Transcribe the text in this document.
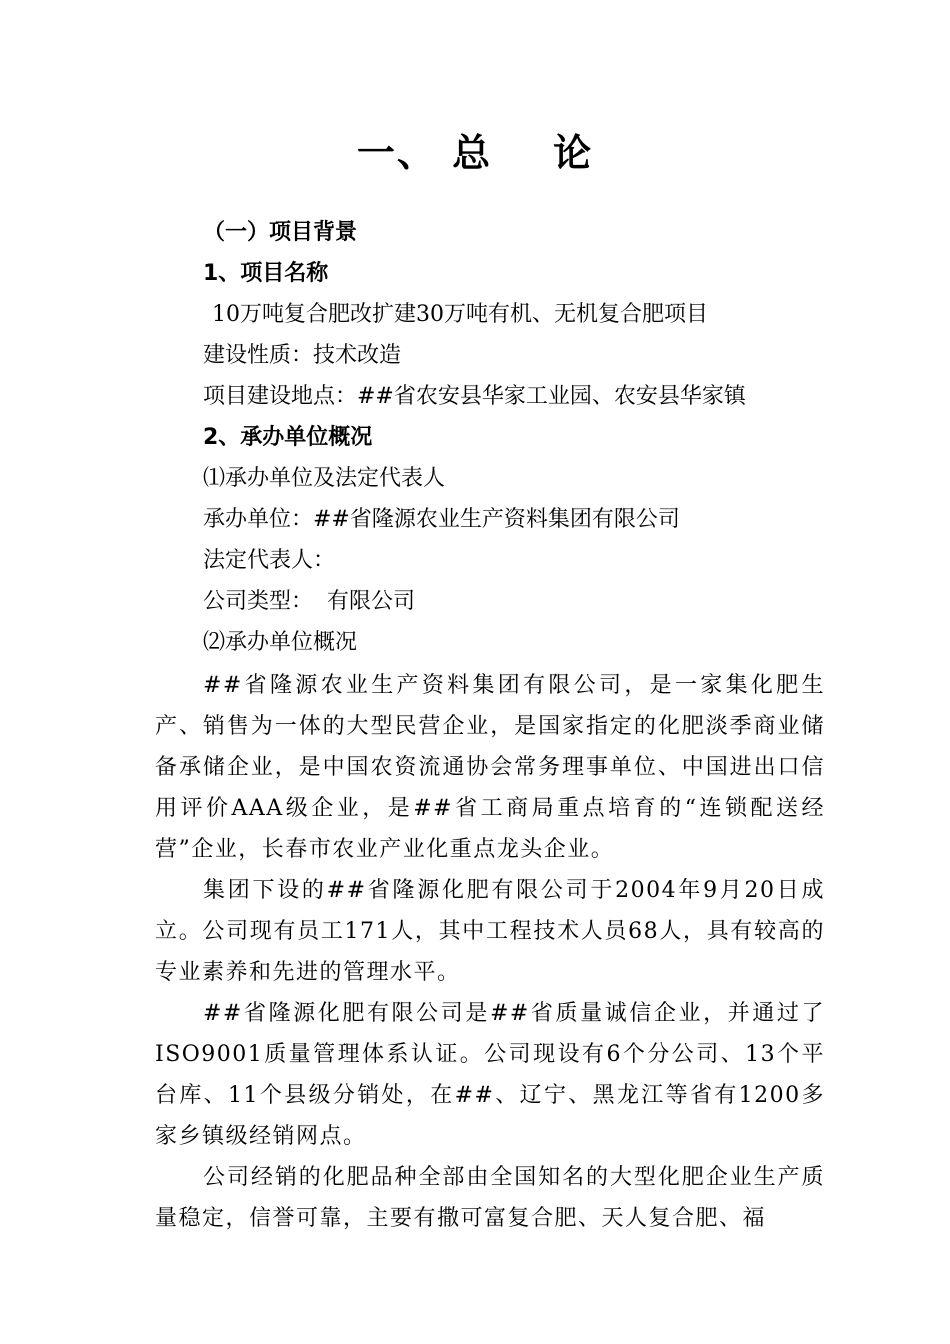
一、 总    论
（一）项目背景
1、项目名称
10万吨复合肥改扩建30万吨有机、无机复合肥项目
建设性质：技术改造
项目建设地点：##省农安县华家工业园、农安县华家镇
2、承办单位概况
⑴承办单位及法定代表人
承办单位：##省隆源农业生产资料集团有限公司
法定代表人：
公司类型：  有限公司
⑵承办单位概况
##省隆源农业生产资料集团有限公司，是一家集化肥生产、销售为一体的大型民营企业，是国家指定的化肥淡季商业储备承储企业，是中国农资流通协会常务理事单位、中国进出口信用评价AAA级企业，是##省工商局重点培育的“连锁配送经营”企业，长春市农业产业化重点龙头企业。
集团下设的##省隆源化肥有限公司于2004年9月20日成立。公司现有员工171人，其中工程技术人员68人，具有较高的专业素养和先进的管理水平。
##省隆源化肥有限公司是##省质量诚信企业，并通过了ISO9001质量管理体系认证。公司现设有6个分公司、13个平台库、11个县级分销处，在##、辽宁、黑龙江等省有1200多家乡镇级经销网点。
公司经销的化肥品种全部由全国知名的大型化肥企业生产质量稳定，信誉可靠，主要有撒可富复合肥、天人复合肥、福
